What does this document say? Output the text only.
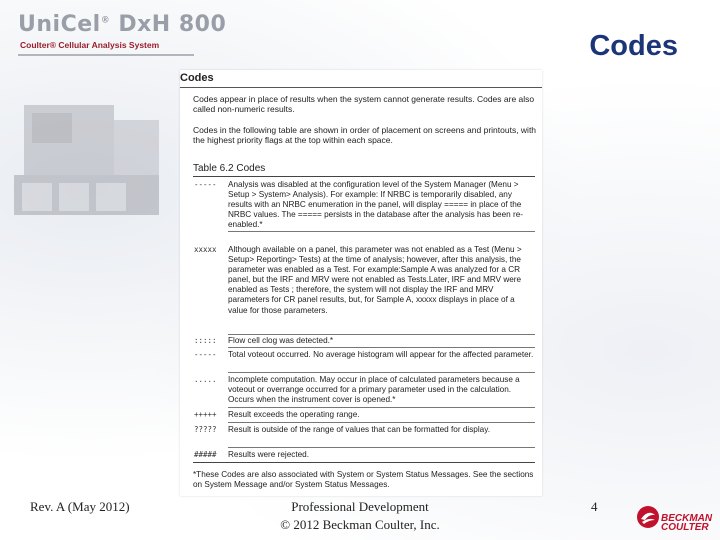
UniCel® DxH 800
Coulter® Cellular Analysis System	Codes
Codes
Codes appear in place of results when the system cannot generate results. Codes are also called non-numeric results.
Codes in the following table are shown in order of placement on screens and printouts, with the highest priority flags at the top within each space.
Table 6.2 Codes
-----	Analysis was disabled at the configuration level of the System Manager (Menu > Setup > System> Analysis). For example: If NRBC is temporarily disabled, any results with an NRBC enumeration in the panel, will display ===== in place of the NRBC values. The ===== persists in the database after the analysis has been re-enabled.*
xxxxx	Although available on a panel, this parameter was not enabled as a Test (Menu > Setup> Reporting> Tests) at the time of analysis; however, after this analysis, the parameter was enabled as a Test. For example:Sample A was analyzed for a CR panel, but the IRF and MRV were not enabled as Tests.Later, IRF and MRV were enabled as Tests ; therefore, the system will not display the IRF and MRV parameters for CR panel results, but, for Sample A, xxxxx displays in place of a value for those parameters.
:::::	Flow cell clog was detected.*
-----	Total voteout occurred. No average histogram will appear for the affected parameter.
.....	Incomplete computation. May occur in place of calculated parameters because a voteout or overrange occurred for a primary parameter used in the calculation. Occurs when the instrument cover is opened.*
+++++	Result exceeds the operating range.
?????	Result is outside of the range of values that can be formatted for display.
#####	Results were rejected.
*These Codes are also associated with System or System Status Messages. See the sections on System Message and/or System Status Messages.
Rev. A (May 2012)	Professional Development
© 2012 Beckman Coulter, Inc.
4
BECKMAN
COULTER
